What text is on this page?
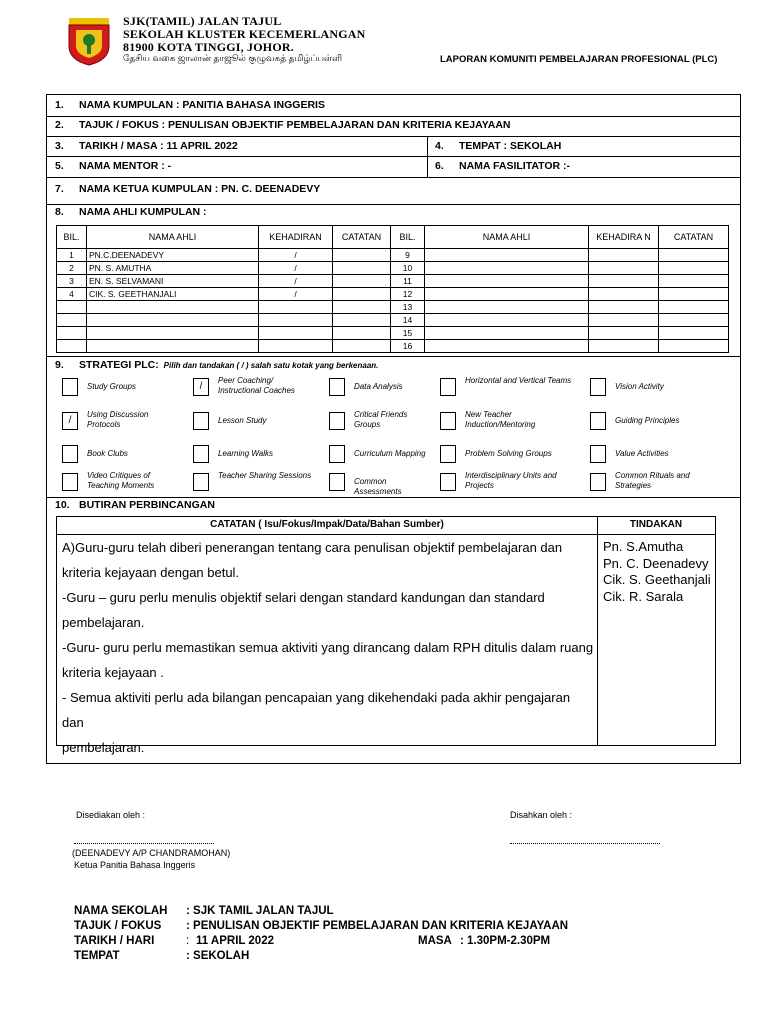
SJK(TAMIL) JALAN TAJUL
SEKOLAH KLUSTER KECEMERLANGAN
81900 KOTA TINGGI, JOHOR.
தேசிய வகை ஜாலான் தாஜூல் குழுவகத் தமிழ்ப்பள்ளி	LAPORAN KOMUNITI PEMBELAJARAN PROFESIONAL (PLC)
1. NAMA KUMPULAN : PANITIA BAHASA INGGERIS
2. TAJUK / FOKUS : PENULISAN OBJEKTIF PEMBELAJARAN DAN KRITERIA KEJAYAAN
3. TARIKH / MASA : 11 APRIL 2022	4. TEMPAT : SEKOLAH
5. NAMA MENTOR : -	6. NAMA FASILITATOR :-
7. NAMA KETUA KUMPULAN : PN. C. DEENADEVY
8. NAMA AHLI KUMPULAN :
BIL.	NAMA AHLI	KEHADIRAN	CATATAN	BIL.	NAMA AHLI	KEHADIRA N	CATATAN
1	PN.C.DEENADEVY	/		9			
2	PN. S. AMUTHA	/		10			
3	EN. S. SELVAMANI	/		11			
4	CIK. S. GEETHANJALI	/		12			
				13			
				14			
				15			
				16			
9. STRATEGI PLC: Pilih dan tandakan ( / ) salah satu kotak yang berkenaan.
Study Groups	/
Peer Coaching/ Instructional Coaches	Data Analysis
Horizontal and Vertical Teams
Vision Activity
/
Using Discussion Protocols	Lesson Study
Critical Friends Groups
New Teacher Induction/Mentoring	Guiding Principles
Book Clubs	Learning Walks	Curriculum Mapping	Problem Solving Groups	Value Activities
Video Critiques of Teaching Moments
Teacher Sharing Sessions
Common Assessments
Interdisciplinary Units and Projects
Common Rituals and Strategies
10. BUTIRAN PERBINCANGAN
CATATAN ( Isu/Fokus/Impak/Data/Bahan Sumber)	TINDAKAN
A)Guru-guru telah diberi penerangan tentang cara penulisan objektif pembelajaran dan
kriteria kejayaan dengan betul.
-Guru – guru perlu menulis objektif selari dengan standard kandungan dan standard
pembelajaran.
-Guru- guru perlu memastikan semua aktiviti yang dirancang dalam RPH ditulis dalam ruang
kriteria kejayaan .
- Semua aktiviti perlu ada bilangan pencapaian yang dikehendaki pada akhir pengajaran dan
pembelajaran.
Pn. S.Amutha
Pn. C. Deenadevy
Cik. S. Geethanjali
Cik. R. Sarala
Disediakan oleh :	Disahkan oleh :
(DEENADEVY A/P CHANDRAMOHAN)
Ketua Panitia Bahasa Inggeris
NAMA SEKOLAH : SJK TAMIL JALAN TAJUL
TAJUK / FOKUS : PENULISAN OBJEKTIF PEMBELAJARAN DAN KRITERIA KEJAYAAN
TARIKH / HARI	: 11 APRIL 2022	MASA : 1.30PM-2.30PM
TEMPAT	: SEKOLAH
